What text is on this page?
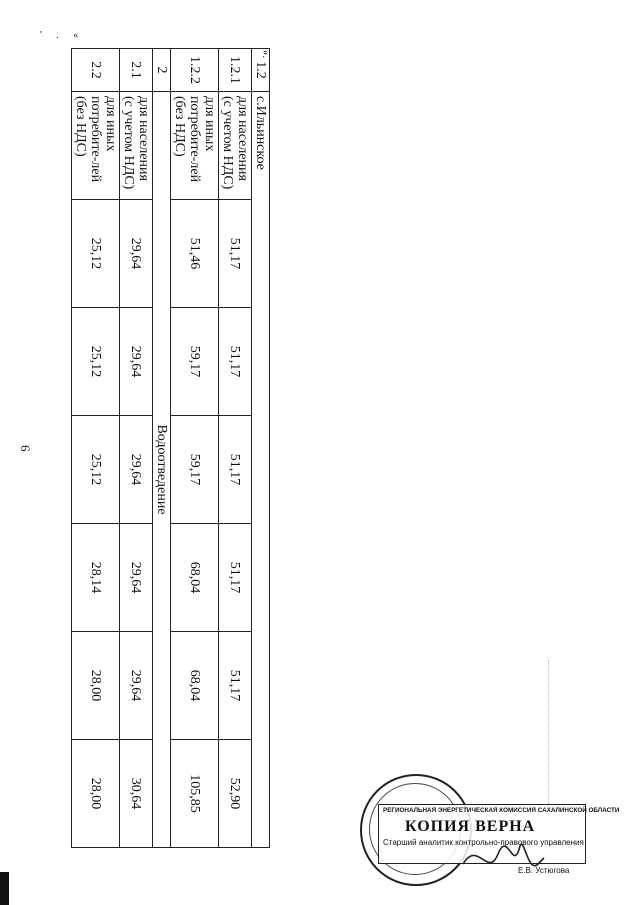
' . «
6
».
1.2	с.Ильинское						
1.2.1	для населения (с учетом НДС)	51,17	51,17	51,17	51,17	51,17	52,90
1.2.2	для иных потребите-лей (без НДС)	51,46	59,17	59,17	68,04	68,04	105,85
2	Водоотведение						
2.1	для населения (с учетом НДС)	29,64	29,64	29,64	29,64	29,64	30,64
2.2	для иных потребите-лей (без НДС)	25,12	25,12	25,12	28,14	28,00	28,00
РЕГИОНАЛЬНАЯ ЭНЕРГЕТИЧЕСКАЯ КОМИССИЯ САХАЛИНСКОЙ ОБЛАСТИ
КОПИЯ ВЕРНА
Старший аналитик контрольно-правового управления
Е.В. Устюгова
